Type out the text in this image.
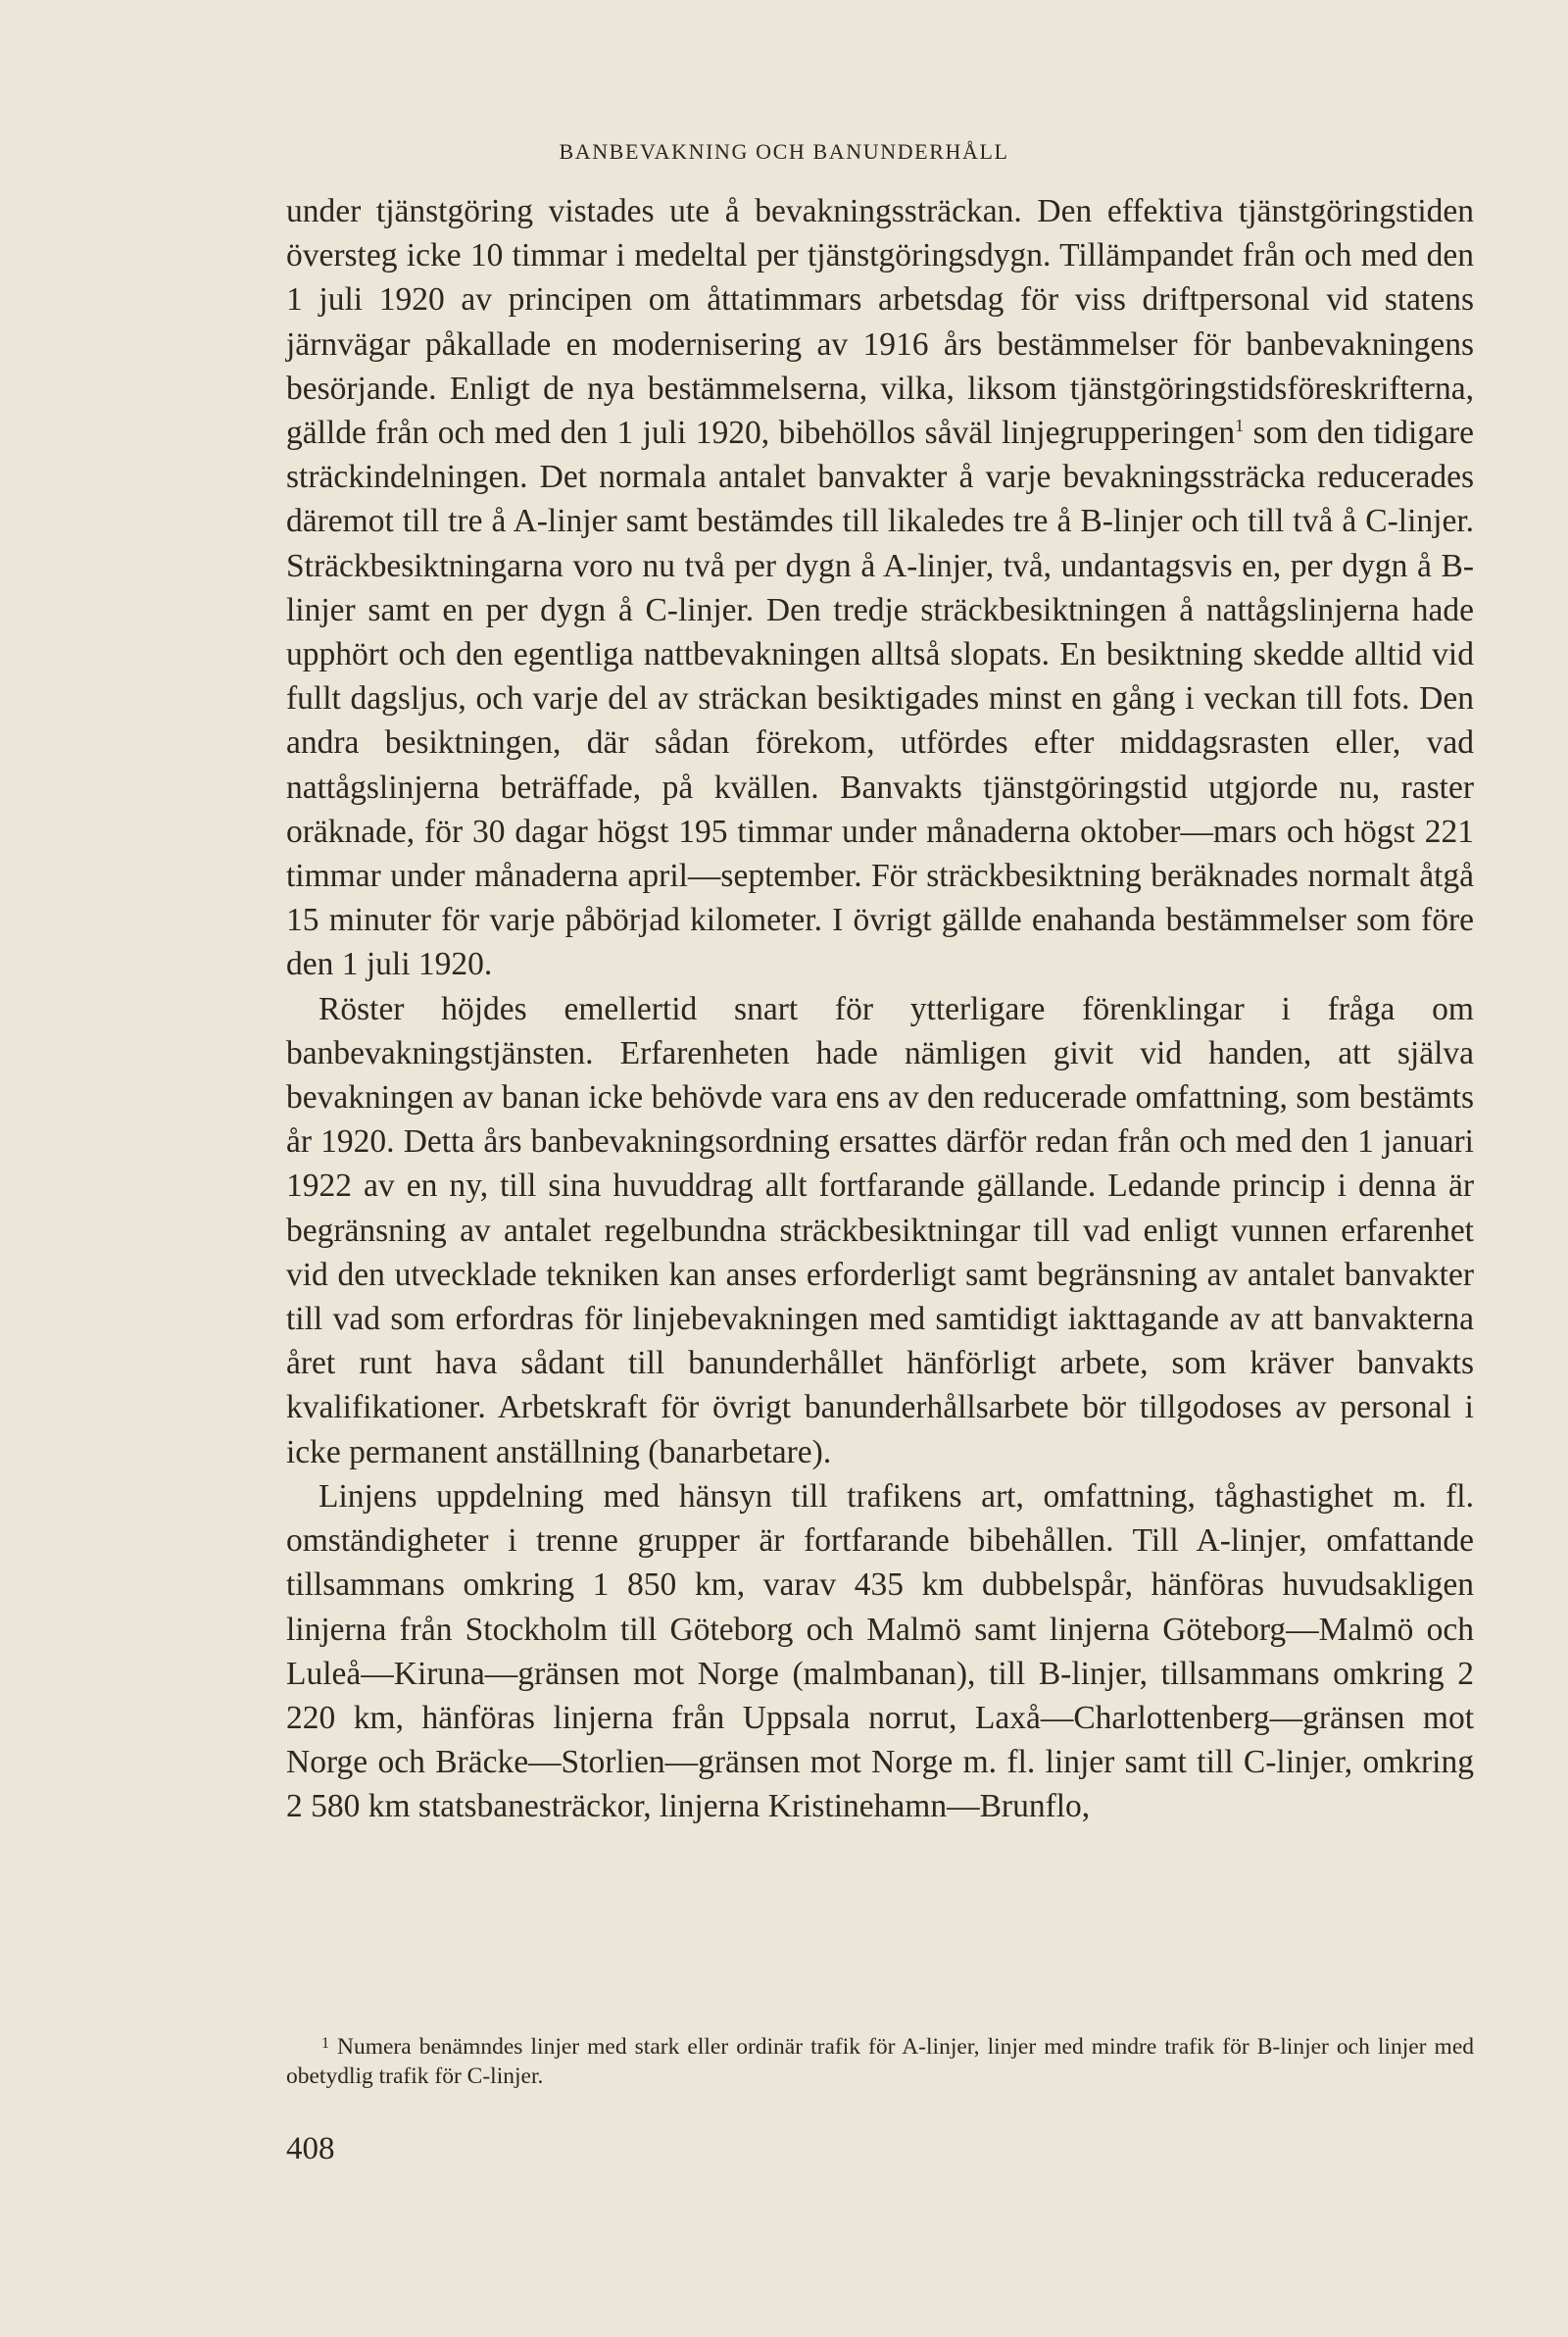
BANBEVAKNING OCH BANUNDERHÅLL

under tjänstgöring vistades ute å bevakningssträckan. Den effektiva tjänstgöringstiden översteg icke 10 timmar i medeltal per tjänstgöringsdygn. Tillämpandet från och med den 1 juli 1920 av principen om åttatimmars arbetsdag för viss driftpersonal vid statens järnvägar påkallade en modernisering av 1916 års bestämmelser för banbevakningens besörjande. Enligt de nya bestämmelserna, vilka, liksom tjänstgöringstidsföreskrifterna, gällde från och med den 1 juli 1920, bibehöllos såväl linjegrupperingen$^1$ som den tidigare sträckindelningen. Det normala antalet banvakter å varje bevakningssträcka reducerades däremot till tre å A-linjer samt bestämdes till likaledes tre å B-linjer och till två å C-linjer. Sträckbesiktningarna voro nu två per dygn å A-linjer, två, undantagsvis en, per dygn å B-linjer samt en per dygn å C-linjer. Den tredje sträckbesiktningen å nattågslinjerna hade upphört och den egentliga nattbevakningen alltså slopats. En besiktning skedde alltid vid fullt dagsljus, och varje del av sträckan besiktigades minst en gång i veckan till fots. Den andra besiktningen, där sådan förekom, utfördes efter middagsrasten eller, vad nattågslinjerna beträffade, på kvällen. Banvakts tjänstgöringstid utgjorde nu, raster oräknade, för 30 dagar högst 195 timmar under månaderna oktober—mars och högst 221 timmar under månaderna april—september. För sträckbesiktning beräknades normalt åtgå 15 minuter för varje påbörjad kilometer. I övrigt gällde enahanda bestämmelser som före den 1 juli 1920.

Röster höjdes emellertid snart för ytterligare förenklingar i fråga om banbevakningstjänsten. Erfarenheten hade nämligen givit vid handen, att själva bevakningen av banan icke behövde vara ens av den reducerade omfattning, som bestämts år 1920. Detta års banbevakningsordning ersattes därför redan från och med den 1 januari 1922 av en ny, till sina huvuddrag allt fortfarande gällande. Ledande princip i denna är begränsning av antalet regelbundna sträckbesiktningar till vad enligt vunnen erfarenhet vid den utvecklade tekniken kan anses erforderligt samt begränsning av antalet banvakter till vad som erfordras för linjebevakningen med samtidigt iakttagande av att banvakterna året runt hava sådant till banunderhållet hänförligt arbete, som kräver banvakts kvalifikationer. Arbetskraft för övrigt banunderhållsarbete bör tillgodoses av personal i icke permanent anställning (banarbetare).

Linjens uppdelning med hänsyn till trafikens art, omfattning, tåghastighet m. fl. omständigheter i trenne grupper är fortfarande bibehållen. Till A-linjer, omfattande tillsammans omkring 1 850 km, varav 435 km dubbelspår, hänföras huvudsakligen linjerna från Stockholm till Göteborg och Malmö samt linjerna Göteborg—Malmö och Luleå—Kiruna—gränsen mot Norge (malmbanan), till B-linjer, tillsammans omkring 2 220 km, hänföras linjerna från Uppsala norrut, Laxå—Charlottenberg—gränsen mot Norge och Bräcke—Storlien—gränsen mot Norge m. fl. linjer samt till C-linjer, omkring 2 580 km statsbanesträckor, linjerna Kristinehamn—Brunflo,

$^1$ Numera benämndes linjer med stark eller ordinär trafik för A-linjer, linjer med mindre trafik för B-linjer och linjer med obetydlig trafik för C-linjer.
408
